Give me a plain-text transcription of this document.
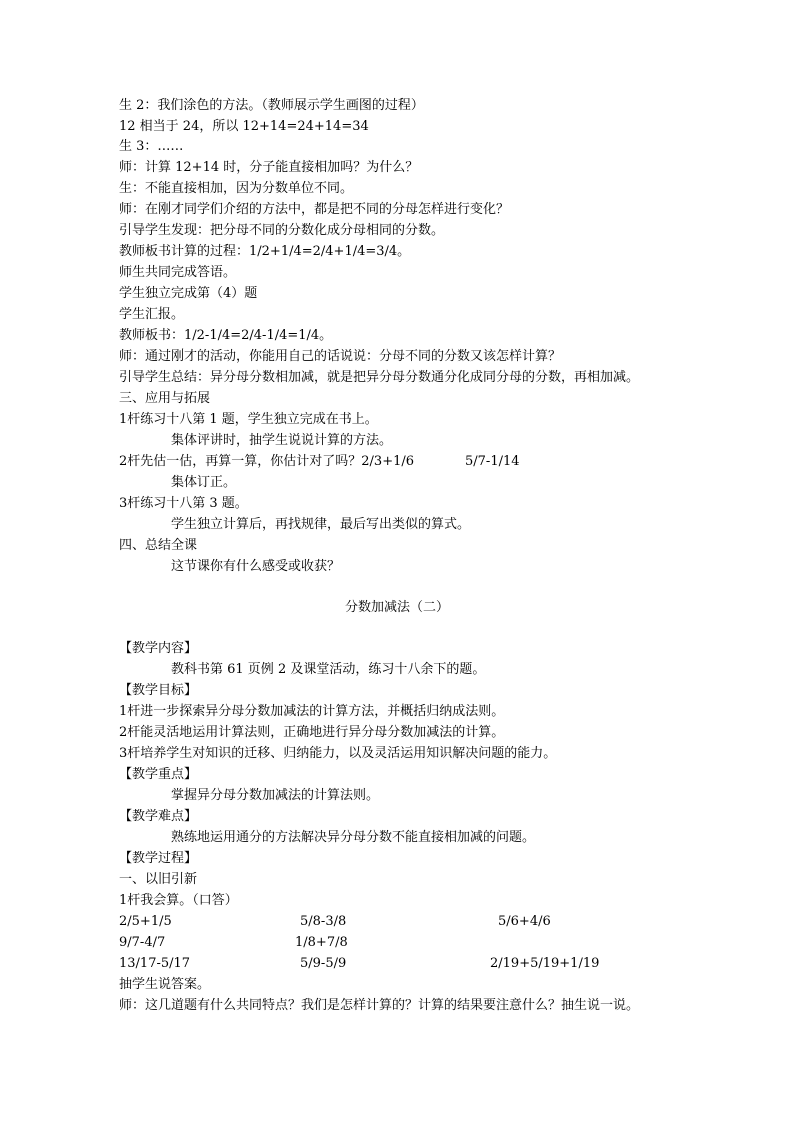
生 2：我们涂色的方法。（教师展示学生画图的过程）
12 相当于 24，所以 12+14=24+14=34
生 3：……
师：计算 12+14 时，分子能直接相加吗？为什么？
生：不能直接相加，因为分数单位不同。
师：在刚才同学们介绍的方法中，都是把不同的分母怎样进行变化？
引导学生发现：把分母不同的分数化成分母相同的分数。
教师板书计算的过程：1/2+1/4=2/4+1/4=3/4。
师生共同完成答语。
学生独立完成第（4）题
学生汇报。
教师板书：1/2-1/4=2/4-1/4=1/4。
师：通过刚才的活动，你能用自己的话说说：分母不同的分数又该怎样计算？
引导学生总结：异分母分数相加减，就是把异分母分数通分化成同分母的分数，再相加减。
三、应用与拓展
1杆练习十八第 1 题，学生独立完成在书上。
集体评讲时，抽学生说说计算的方法。
2杆先估一估，再算一算，你估计对了吗？2/3+1/6	5/7-1/14
集体订正。
3杆练习十八第 3 题。
学生独立计算后，再找规律，最后写出类似的算式。
四、总结全课
这节课你有什么感受或收获？
分数加减法（二）
【教学内容】
教科书第 61 页例 2 及课堂活动，练习十八余下的题。
【教学目标】
1杆进一步探索异分母分数加减法的计算方法，并概括归纳成法则。
2杆能灵活地运用计算法则，正确地进行异分母分数加减法的计算。
3杆培养学生对知识的迁移、归纳能力，以及灵活运用知识解决问题的能力。
【教学重点】
掌握异分母分数加减法的计算法则。
【教学难点】
熟练地运用通分的方法解决异分母分数不能直接相加减的问题。
【教学过程】
一、以旧引新
1杆我会算。（口答）
2/5+1/5	5/8-3/8	5/6+4/6
9/7-4/7	1/8+7/8
13/17-5/17	5/9-5/9	2/19+5/19+1/19
抽学生说答案。
师：这几道题有什么共同特点？我们是怎样计算的？计算的结果要注意什么？抽生说一说。
